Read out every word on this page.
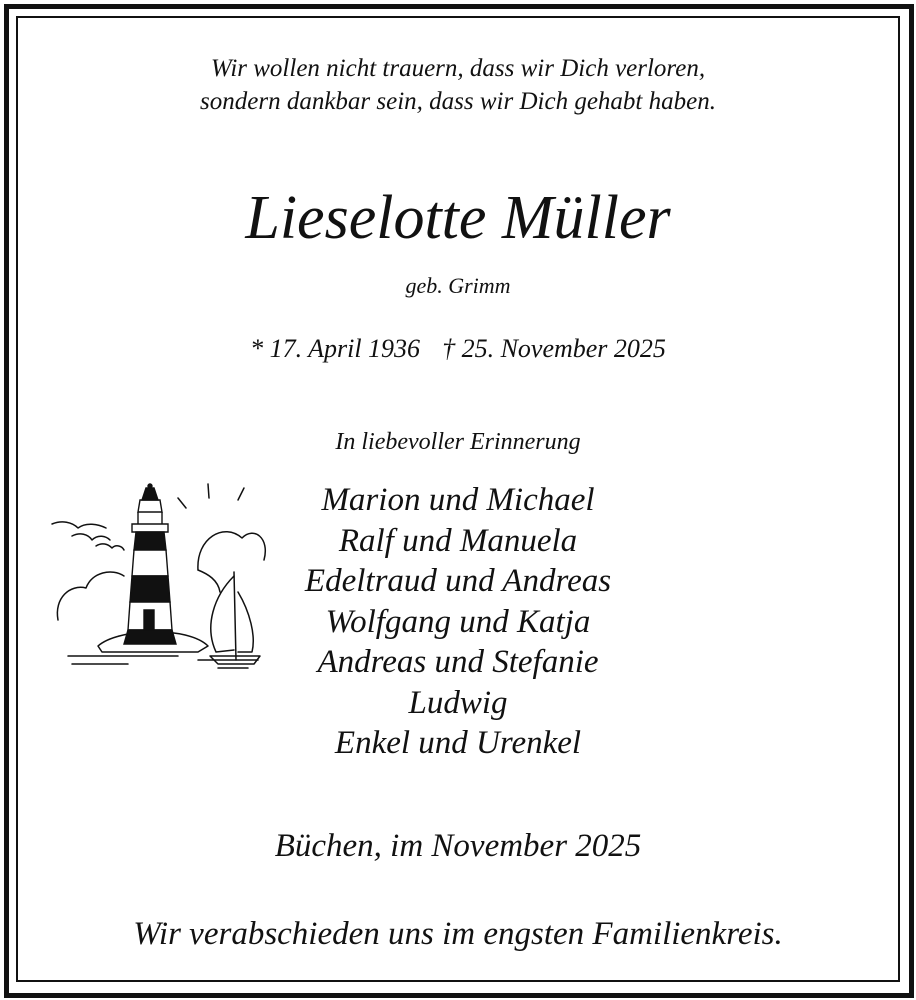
Wir wollen nicht trauern, dass wir Dich verloren,
sondern dankbar sein, dass wir Dich gehabt haben.
Lieselotte Müller
geb. Grimm
* 17. April 1936 † 25. November 2025
In liebevoller Erinnerung
Marion und Michael
Ralf und Manuela
Edeltraud und Andreas
Wolfgang und Katja
Andreas und Stefanie
Ludwig
Enkel und Urenkel
Büchen, im November 2025
Wir verabschieden uns im engsten Familienkreis.
